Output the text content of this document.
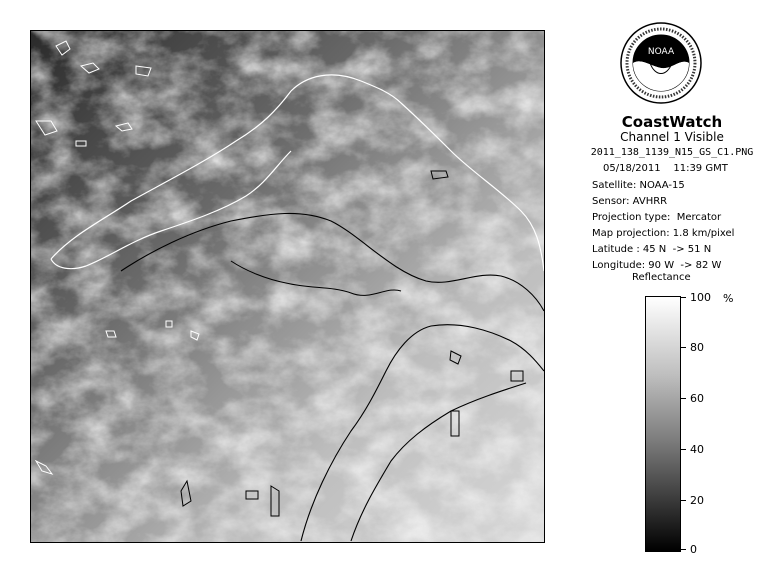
NOAA
CoastWatch
Channel 1 Visible
2011_138_1139_N15_GS_C1.PNG
05/18/2011    11:39 GMT
Satellite: NOAA-15
Sensor: AVHRR
Projection type:  Mercator
Map projection: 1.8 km/pixel
Latitude : 45 N  -> 51 N
Longitude: 90 W  -> 82 W
Reflectance
%
100
80
60
40
20
0
